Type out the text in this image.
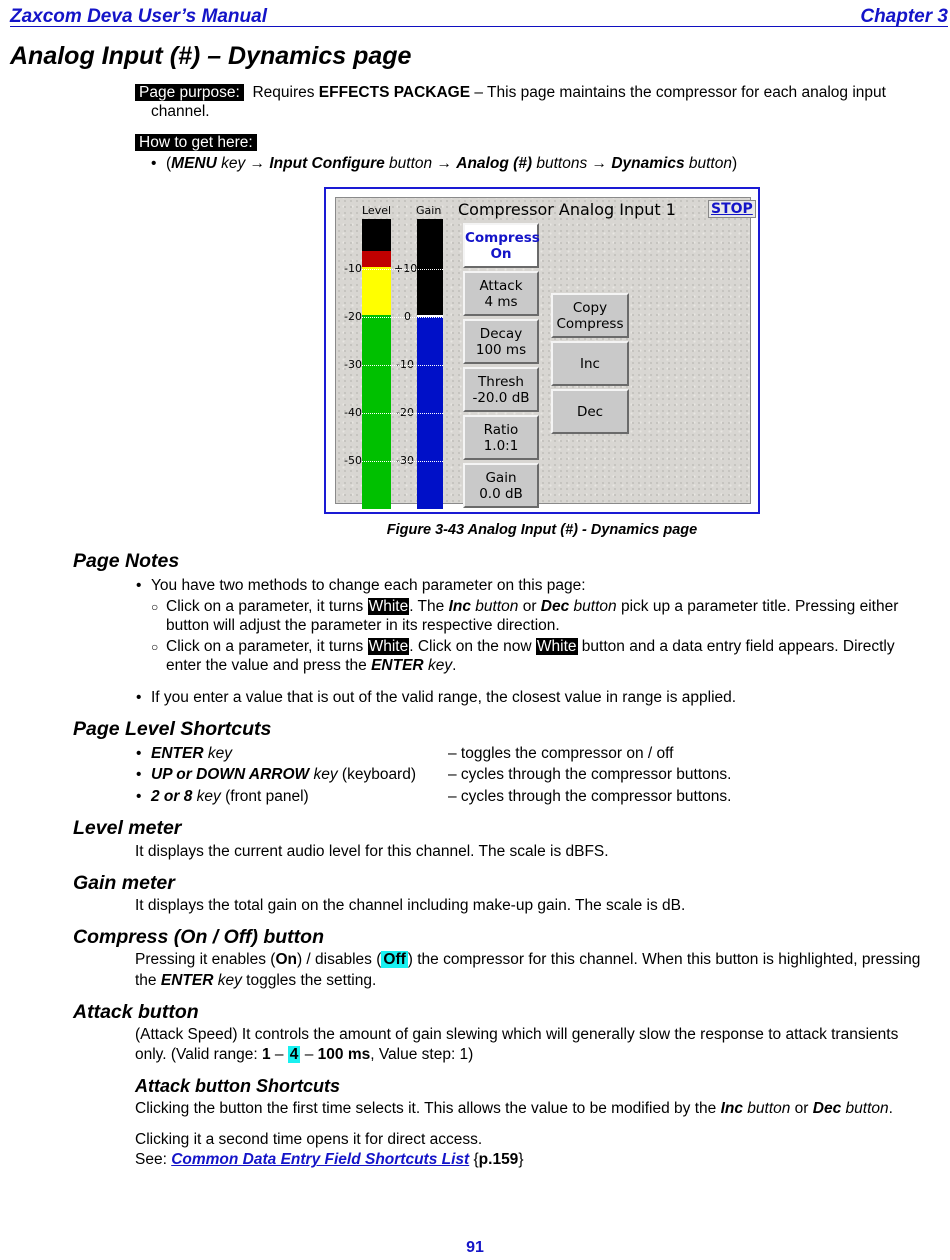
Zaxcom Deva User’s Manual	Chapter 3
Analog Input (#) – Dynamics page
Page purpose: Requires EFFECTS PACKAGE – This page maintains the compressor for each analog input
channel.
How to get here:
• (MENU key → Input Configure button → Analog (#) buttons → Dynamics button)
Level Gain
-10
-20
-30
-40
-50
+10
0
-10
-20
-30
Compressor Analog Input 1	STOP
Compress
On
Attack
4 ms
Decay
100 ms
Thresh
-20.0 dB
Ratio
1.0:1
Gain
0.0 dB
Copy
Compress
Inc
Dec
Figure 3-43 Analog Input (#) - Dynamics page
Page Notes
• You have two methods to change each parameter on this page:
○ Click on a parameter, it turns White. The Inc button or Dec button pick up a parameter title. Pressing either
button will adjust the parameter in its respective direction.
○ Click on a parameter, it turns White. Click on the now White button and a data entry field appears. Directly
enter the value and press the ENTER key.
• If you enter a value that is out of the valid range, the closest value in range is applied.
Page Level Shortcuts
• ENTER key	– toggles the compressor on / off
• UP or DOWN ARROW key (keyboard) – cycles through the compressor buttons.
• 2 or 8 key (front panel)	– cycles through the compressor buttons.
Level meter
It displays the current audio level for this channel. The scale is dBFS.
Gain meter
It displays the total gain on the channel including make-up gain. The scale is dB.
Compress (On / Off) button
Pressing it enables (On) / disables ( Off ) the compressor for this channel. When this button is highlighted, pressing
the ENTER key toggles the setting.
Attack button
(Attack Speed) It controls the amount of gain slewing which will generally slow the response to attack transients
only. (Valid range: 1 – 4 – 100 ms, Value step: 1)
Attack button Shortcuts
Clicking the button the first time selects it. This allows the value to be modified by the Inc button or Dec button.
Clicking it a second time opens it for direct access.
See: Common Data Entry Field Shortcuts List {p.159}
91
